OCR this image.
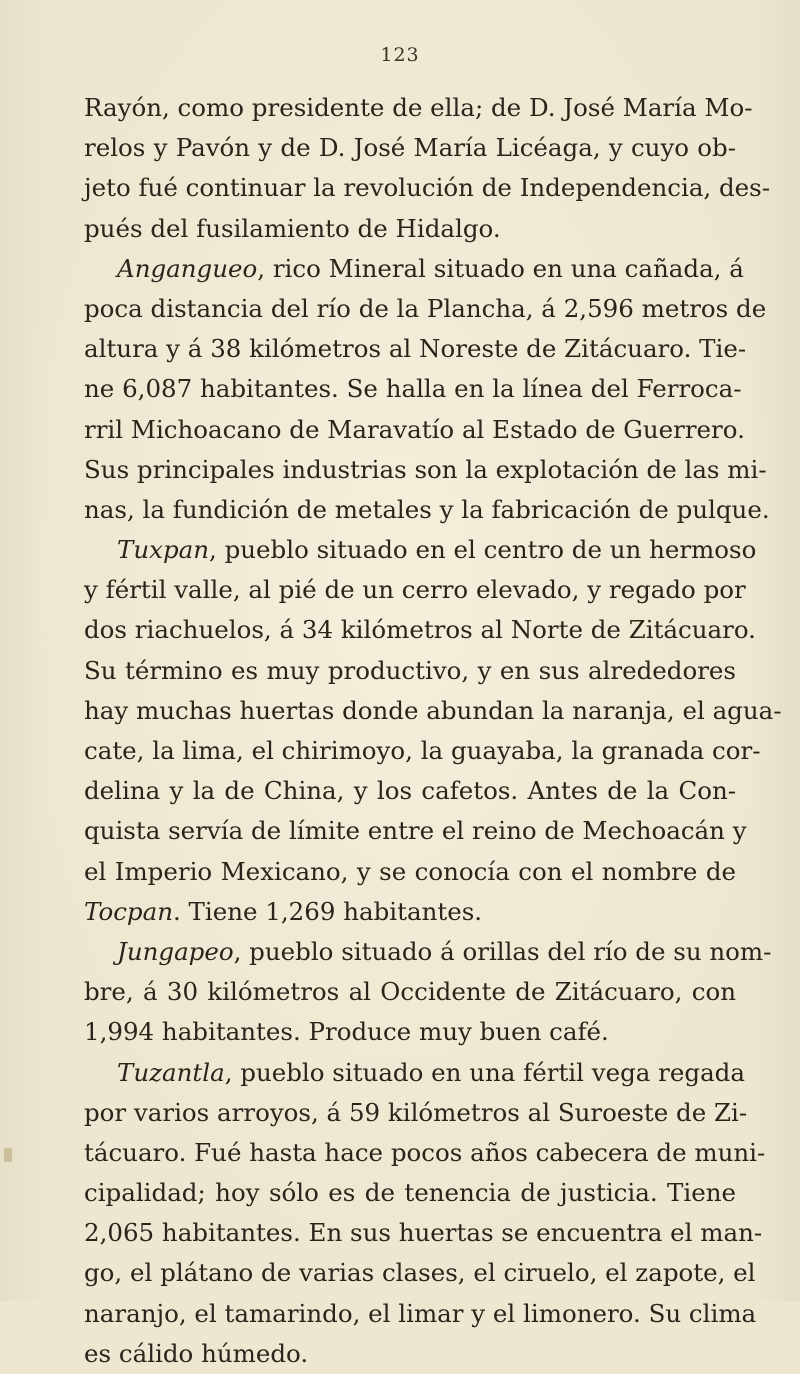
123
Rayón, como presidente de ella; de D. José María Mo-
relos y Pavón y de D. José María Licéaga, y cuyo ob-
jeto fué continuar la revolución de Independencia, des-
pués del fusilamiento de Hidalgo.
Angangueo, rico Mineral situado en una cañada, á
poca distancia del río de la Plancha, á 2,596 metros de
altura y á 38 kilómetros al Noreste de Zitácuaro. Tie-
ne 6,087 habitantes. Se halla en la línea del Ferroca-
rril Michoacano de Maravatío al Estado de Guerrero.
Sus principales industrias son la explotación de las mi-
nas, la fundición de metales y la fabricación de pulque.
Tuxpan, pueblo situado en el centro de un hermoso
y fértil valle, al pié de un cerro elevado, y regado por
dos riachuelos, á 34 kilómetros al Norte de Zitácuaro.
Su término es muy productivo, y en sus alrededores
hay muchas huertas donde abundan la naranja, el agua-
cate, la lima, el chirimoyo, la guayaba, la granada cor-
delina y la de China, y los cafetos. Antes de la Con-
quista servía de límite entre el reino de Mechoacán y
el Imperio Mexicano, y se conocía con el nombre de
Tocpan. Tiene 1,269 habitantes.
Jungapeo, pueblo situado á orillas del río de su nom-
bre, á 30 kilómetros al Occidente de Zitácuaro, con
1,994 habitantes. Produce muy buen café.
Tuzantla, pueblo situado en una fértil vega regada
por varios arroyos, á 59 kilómetros al Suroeste de Zi-
tácuaro. Fué hasta hace pocos años cabecera de muni-
cipalidad; hoy sólo es de tenencia de justicia. Tiene
2,065 habitantes. En sus huertas se encuentra el man-
go, el plátano de varias clases, el ciruelo, el zapote, el
naranjo, el tamarindo, el limar y el limonero. Su clima
es cálido húmedo.
